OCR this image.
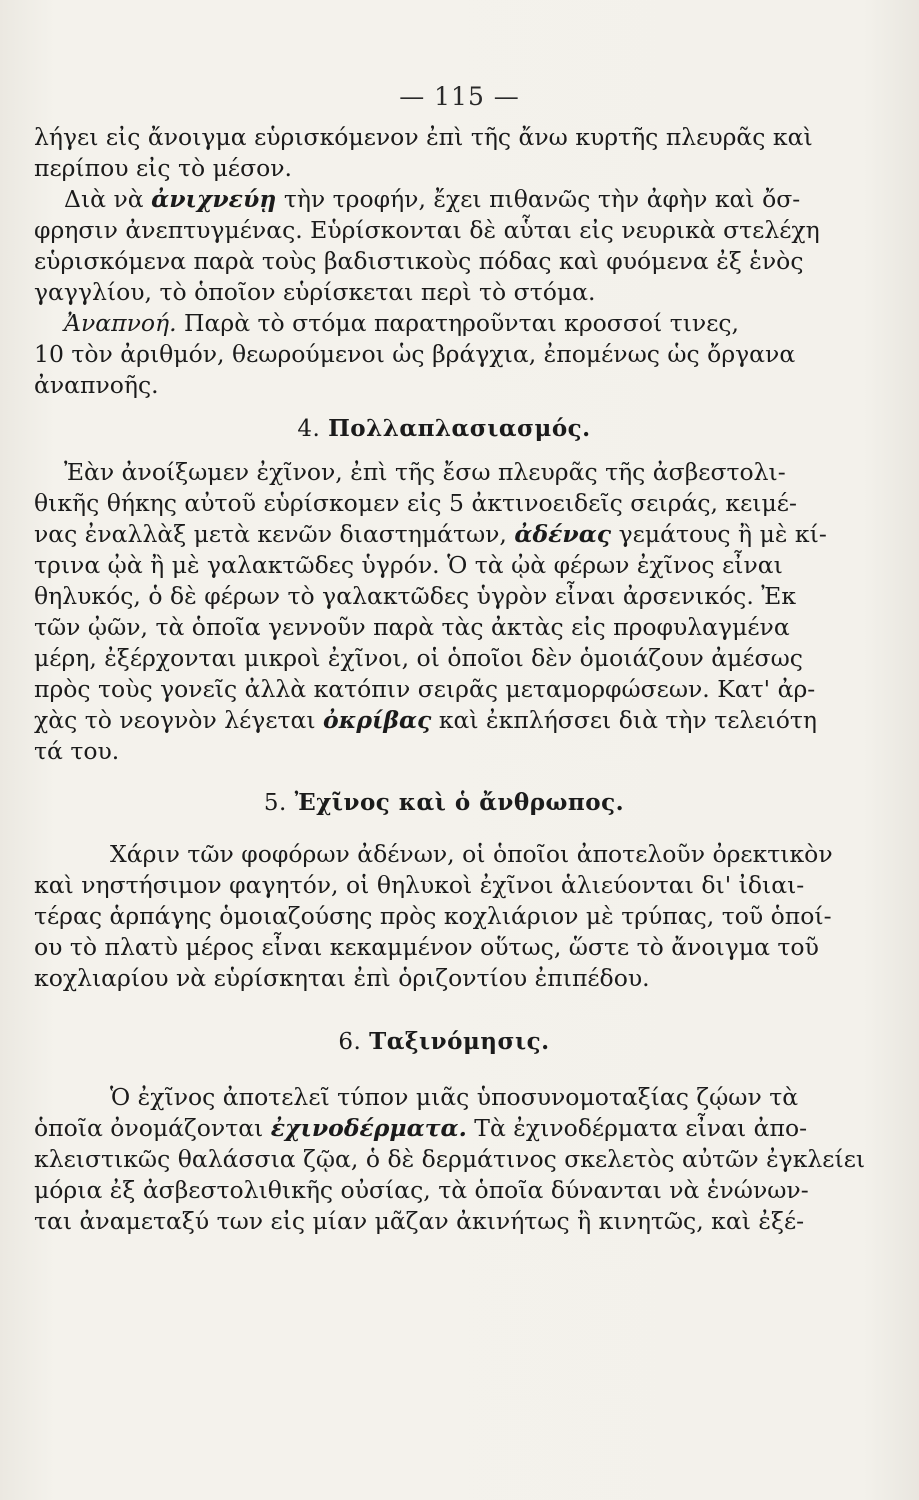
— 115 —
λήγει εἰς ἄνοιγμα εὑρισκόμενον ἐπὶ τῆς ἄνω κυρτῆς πλευρᾶς καὶ
περίπου εἰς τὸ μέσον.
Διὰ νὰ ἀνιχνεύῃ τὴν τροφήν, ἔχει πιθανῶς τὴν ἀφὴν καὶ ὄσ-
φρησιν ἀνεπτυγμένας. Εὑρίσκονται δὲ αὗται εἰς νευρικὰ στελέχη
εὑρισκόμενα παρὰ τοὺς βαδιστικοὺς πόδας καὶ φυόμενα ἐξ ἑνὸς
γαγγλίου, τὸ ὁποῖον εὑρίσκεται περὶ τὸ στόμα.
Ἀναπνοή. Παρὰ τὸ στόμα παρατηροῦνται κροσσοί τινες,
10 τὸν ἀριθμόν, θεωρούμενοι ὡς βράγχια, ἐπομένως ὡς ὄργανα
ἀναπνοῆς.
4. Πολλαπλασιασμός.
Ἐὰν ἀνοίξωμεν ἐχῖνον, ἐπὶ τῆς ἔσω πλευρᾶς τῆς ἀσβεστολι-
θικῆς θήκης αὐτοῦ εὑρίσκομεν εἰς 5 ἀκτινοειδεῖς σειράς, κειμέ-
νας ἐναλλὰξ μετὰ κενῶν διαστημάτων, ἀδένας γεμάτους ἢ μὲ κί-
τρινα ᾠὰ ἢ μὲ γαλακτῶδες ὑγρόν. Ὁ τὰ ᾠὰ φέρων ἐχῖνος εἶναι
θηλυκός, ὁ δὲ φέρων τὸ γαλακτῶδες ὑγρὸν εἶναι ἀρσενικός. Ἐκ
τῶν ᾠῶν, τὰ ὁποῖα γεννοῦν παρὰ τὰς ἀκτὰς εἰς προφυλαγμένα
μέρη, ἐξέρχονται μικροὶ ἐχῖνοι, οἱ ὁποῖοι δὲν ὁμοιάζουν ἀμέσως
πρὸς τοὺς γονεῖς ἀλλὰ κατόπιν σειρᾶς μεταμορφώσεων. Κατ' ἀρ-
χὰς τὸ νεογνὸν λέγεται ὀκρίβας καὶ ἐκπλήσσει διὰ τὴν τελειότη
τά του.
5. Ἐχῖνος καὶ ὁ ἄνθρωπος.
Χάριν τῶν φοφόρων ἀδένων, οἱ ὁποῖοι ἀποτελοῦν ὀρεκτικὸν
καὶ νηστήσιμον φαγητόν, οἱ θηλυκοὶ ἐχῖνοι ἁλιεύονται δι' ἰδιαι-
τέρας ἁρπάγης ὁμοιαζούσης πρὸς κοχλιάριον μὲ τρύπας, τοῦ ὁποί-
ου τὸ πλατὺ μέρος εἶναι κεκαμμένον οὕτως, ὥστε τὸ ἄνοιγμα τοῦ
κοχλιαρίου νὰ εὑρίσκηται ἐπὶ ὁριζοντίου ἐπιπέδου.
6. Ταξινόμησις.
Ὁ ἐχῖνος ἀποτελεῖ τύπον μιᾶς ὑποσυνομοταξίας ζῴων τὰ
ὁποῖα ὀνομάζονται ἐχινοδέρματα. Τὰ ἐχινοδέρματα εἶναι ἀπο-
κλειστικῶς θαλάσσια ζῷα, ὁ δὲ δερμάτινος σκελετὸς αὐτῶν ἐγκλείει
μόρια ἐξ ἀσβεστολιθικῆς οὐσίας, τὰ ὁποῖα δύνανται νὰ ἑνώνων-
ται ἀναμεταξύ των εἰς μίαν μᾶζαν ἀκινήτως ἢ κινητῶς, καὶ ἐξέ-
